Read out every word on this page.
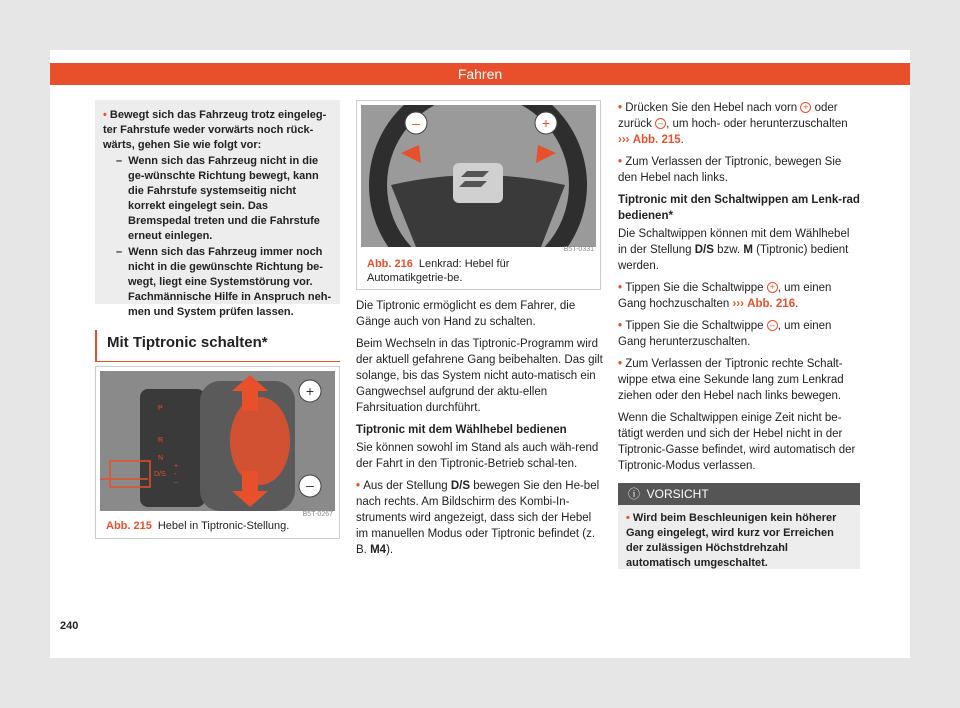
Fahren

• Bewegt sich das Fahrzeug trotz eingeleg-ter Fahrstufe weder vorwärts noch rück-wärts, gehen Sie wie folgt vor:

–  Wenn sich das Fahrzeug nicht in die ge-wünschte Richtung bewegt, kann die Fahrstufe systemseitig nicht korrekt eingelegt sein. Das Bremspedal treten und die Fahrstufe erneut einlegen.

–  Wenn sich das Fahrzeug immer noch nicht in die gewünschte Richtung be-wegt, liegt eine Systemstörung vor. Fachmännische Hilfe in Anspruch neh-men und System prüfen lassen.

Mit Tiptronic schalten*
+
–
P
R
N
D/S
+
-
–
B5T-0267
Abb. 215 Hebel in Tiptronic-Stellung.
–	+
B5T-0331
Abb. 216 Lenkrad: Hebel für Automatikgetrie-be.

Die Tiptronic ermöglicht es dem Fahrer, die Gänge auch von Hand zu schalten.

Beim Wechseln in das Tiptronic-Programm wird der aktuell gefahrene Gang beibehalten. Das gilt solange, bis das System nicht auto-matisch ein Gangwechsel aufgrund der aktu-ellen Fahrsituation durchführt.

Tiptronic mit dem Wählhebel bedienen

Sie können sowohl im Stand als auch wäh-rend der Fahrt in den Tiptronic-Betrieb schal-ten.

• Aus der Stellung D/S bewegen Sie den He-bel nach rechts. Am Bildschirm des Kombi-In-struments wird angezeigt, dass sich der Hebel im manuellen Modus oder Tiptronic befindet (z. B. M4).

• Drücken Sie den Hebel nach vorn + oder zurück – , um hoch- oder herunterzuschalten ››› Abb. 215.

• Zum Verlassen der Tiptronic, bewegen Sie den Hebel nach links.

Tiptronic mit den Schaltwippen am Lenk-rad bedienen*

Die Schaltwippen können mit dem Wählhebel in der Stellung D/S bzw. M (Tiptronic) bedient werden.

• Tippen Sie die Schaltwippe + , um einen Gang hochzuschalten ››› Abb. 216.

• Tippen Sie die Schaltwippe – , um einen Gang herunterzuschalten.

• Zum Verlassen der Tiptronic rechte Schalt-wippe etwa eine Sekunde lang zum Lenkrad ziehen oder den Hebel nach links bewegen.

Wenn die Schaltwippen einige Zeit nicht be-tätigt werden und sich der Hebel nicht in der Tiptronic-Gasse befindet, wird automatisch der Tiptronic-Modus verlassen.

ⓘ  VORSICHT
• Wird beim Beschleunigen kein höherer Gang eingelegt, wird kurz vor Erreichen der zulässigen Höchstdrehzahl automatisch umgeschaltet.
240
